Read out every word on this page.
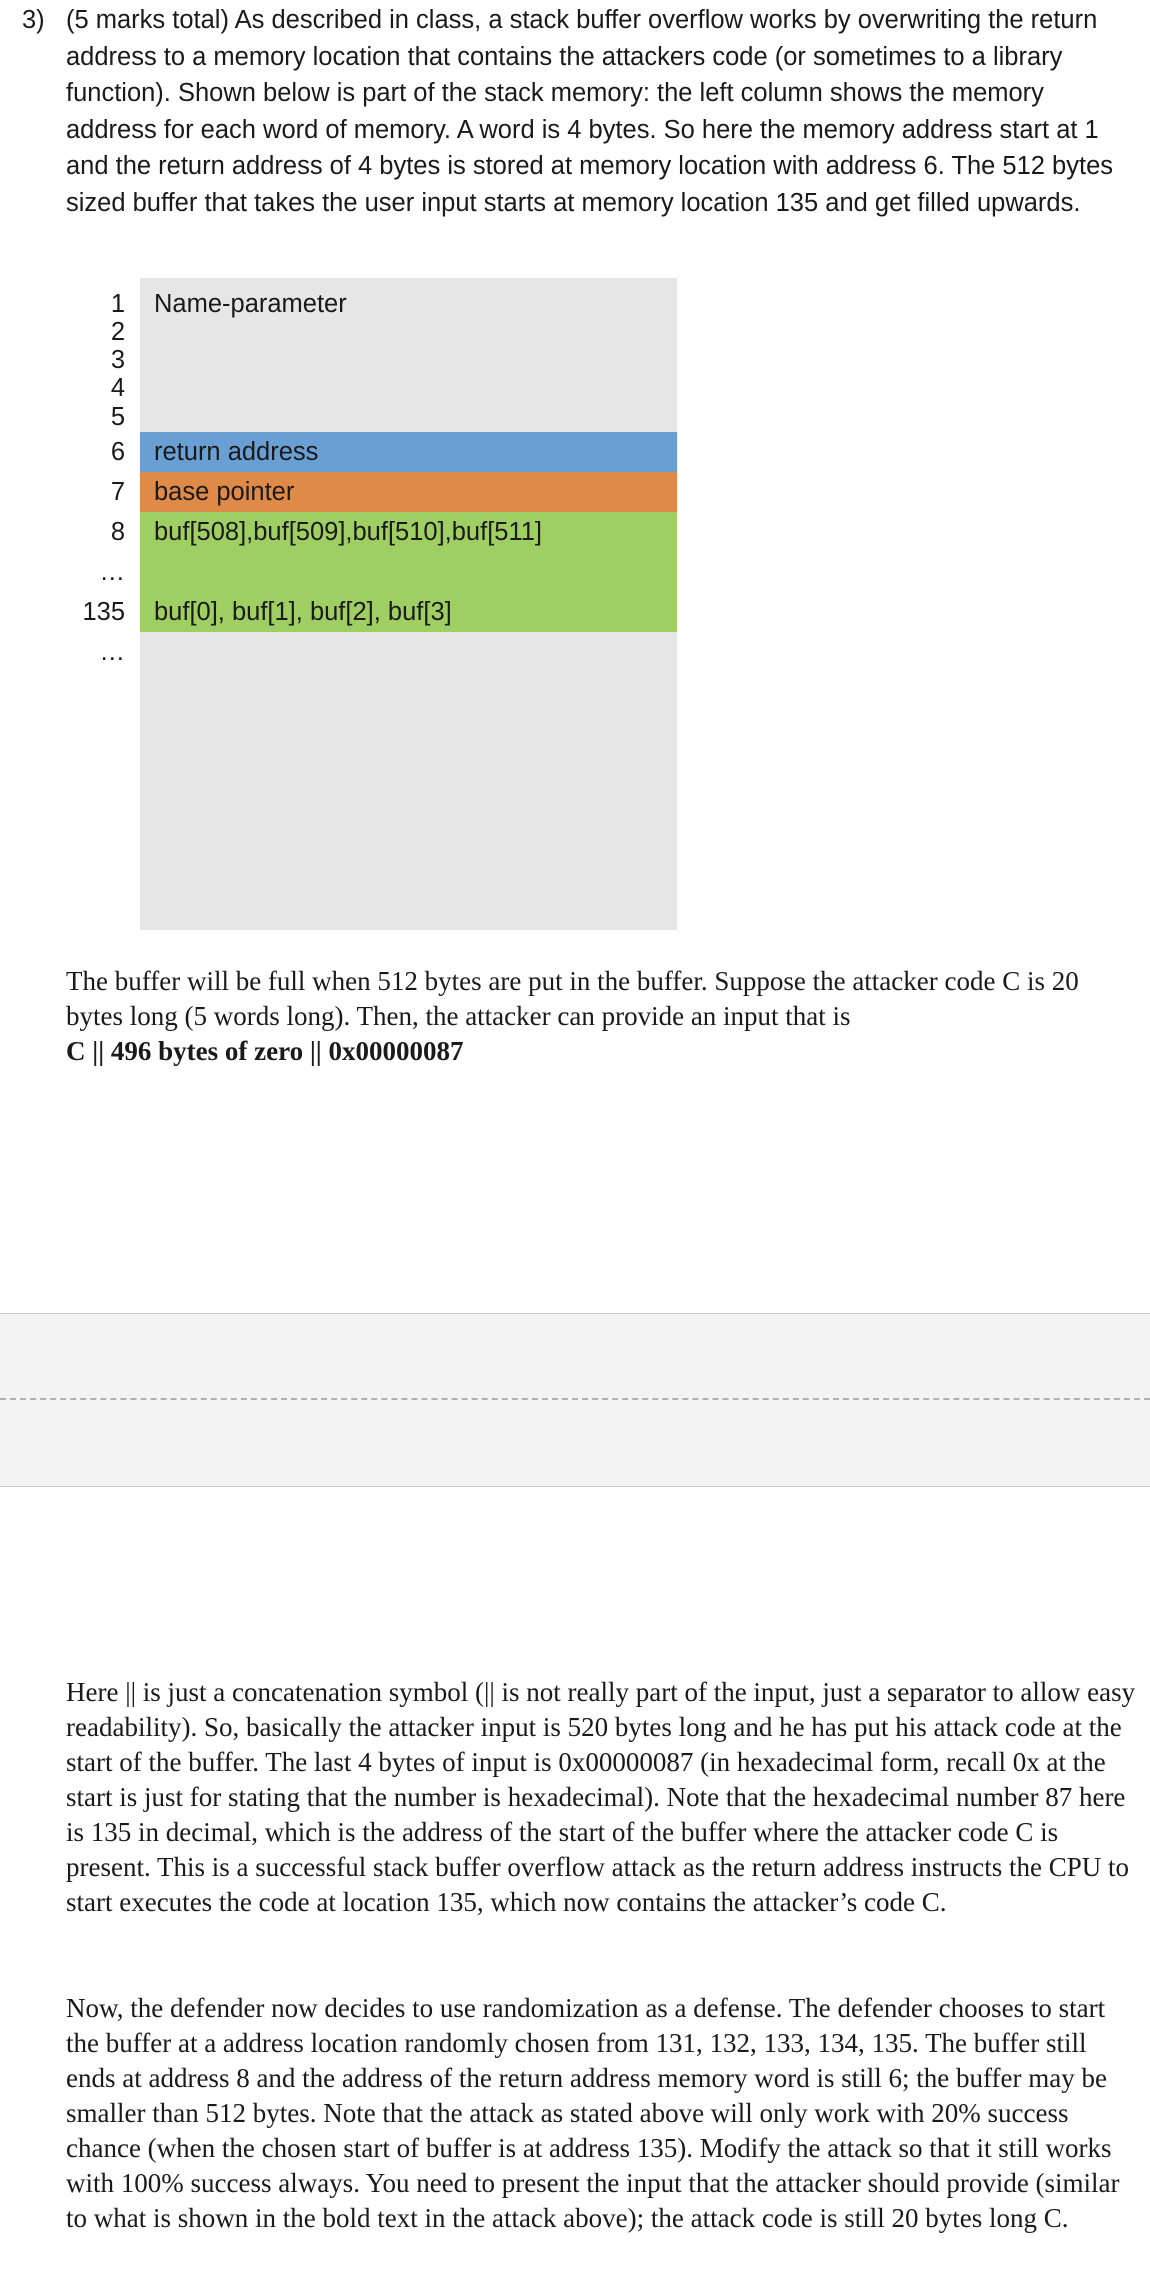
3) (5 marks total) As described in class, a stack buffer overflow works by overwriting the return address to a memory location that contains the attackers code (or sometimes to a library function). Shown below is part of the stack memory: the left column shows the memory address for each word of memory. A word is 4 bytes. So here the memory address start at 1 and the return address of 4 bytes is stored at memory location with address 6. The 512 bytes sized buffer that takes the user input starts at memory location 135 and get filled upwards.
1 Name-parameter
2
3
4
5
6 return address
7 base pointer
8 buf[508],buf[509],buf[510],buf[511]
…
135 buf[0], buf[1], buf[2], buf[3]
…
The buffer will be full when 512 bytes are put in the buffer. Suppose the attacker code C is 20 bytes long (5 words long). Then, the attacker can provide an input that is
C || 496 bytes of zero || 0x00000087
Here || is just a concatenation symbol (|| is not really part of the input, just a separator to allow easy readability). So, basically the attacker input is 520 bytes long and he has put his attack code at the start of the buffer. The last 4 bytes of input is 0x00000087 (in hexadecimal form, recall 0x at the start is just for stating that the number is hexadecimal). Note that the hexadecimal number 87 here is 135 in decimal, which is the address of the start of the buffer where the attacker code C is present. This is a successful stack buffer overflow attack as the return address instructs the CPU to start executes the code at location 135, which now contains the attacker’s code C.
Now, the defender now decides to use randomization as a defense. The defender chooses to start the buffer at a address location randomly chosen from 131, 132, 133, 134, 135. The buffer still ends at address 8 and the address of the return address memory word is still 6; the buffer may be smaller than 512 bytes. Note that the attack as stated above will only work with 20% success chance (when the chosen start of buffer is at address 135). Modify the attack so that it still works with 100% success always. You need to present the input that the attacker should provide (similar to what is shown in the bold text in the attack above); the attack code is still 20 bytes long C.
